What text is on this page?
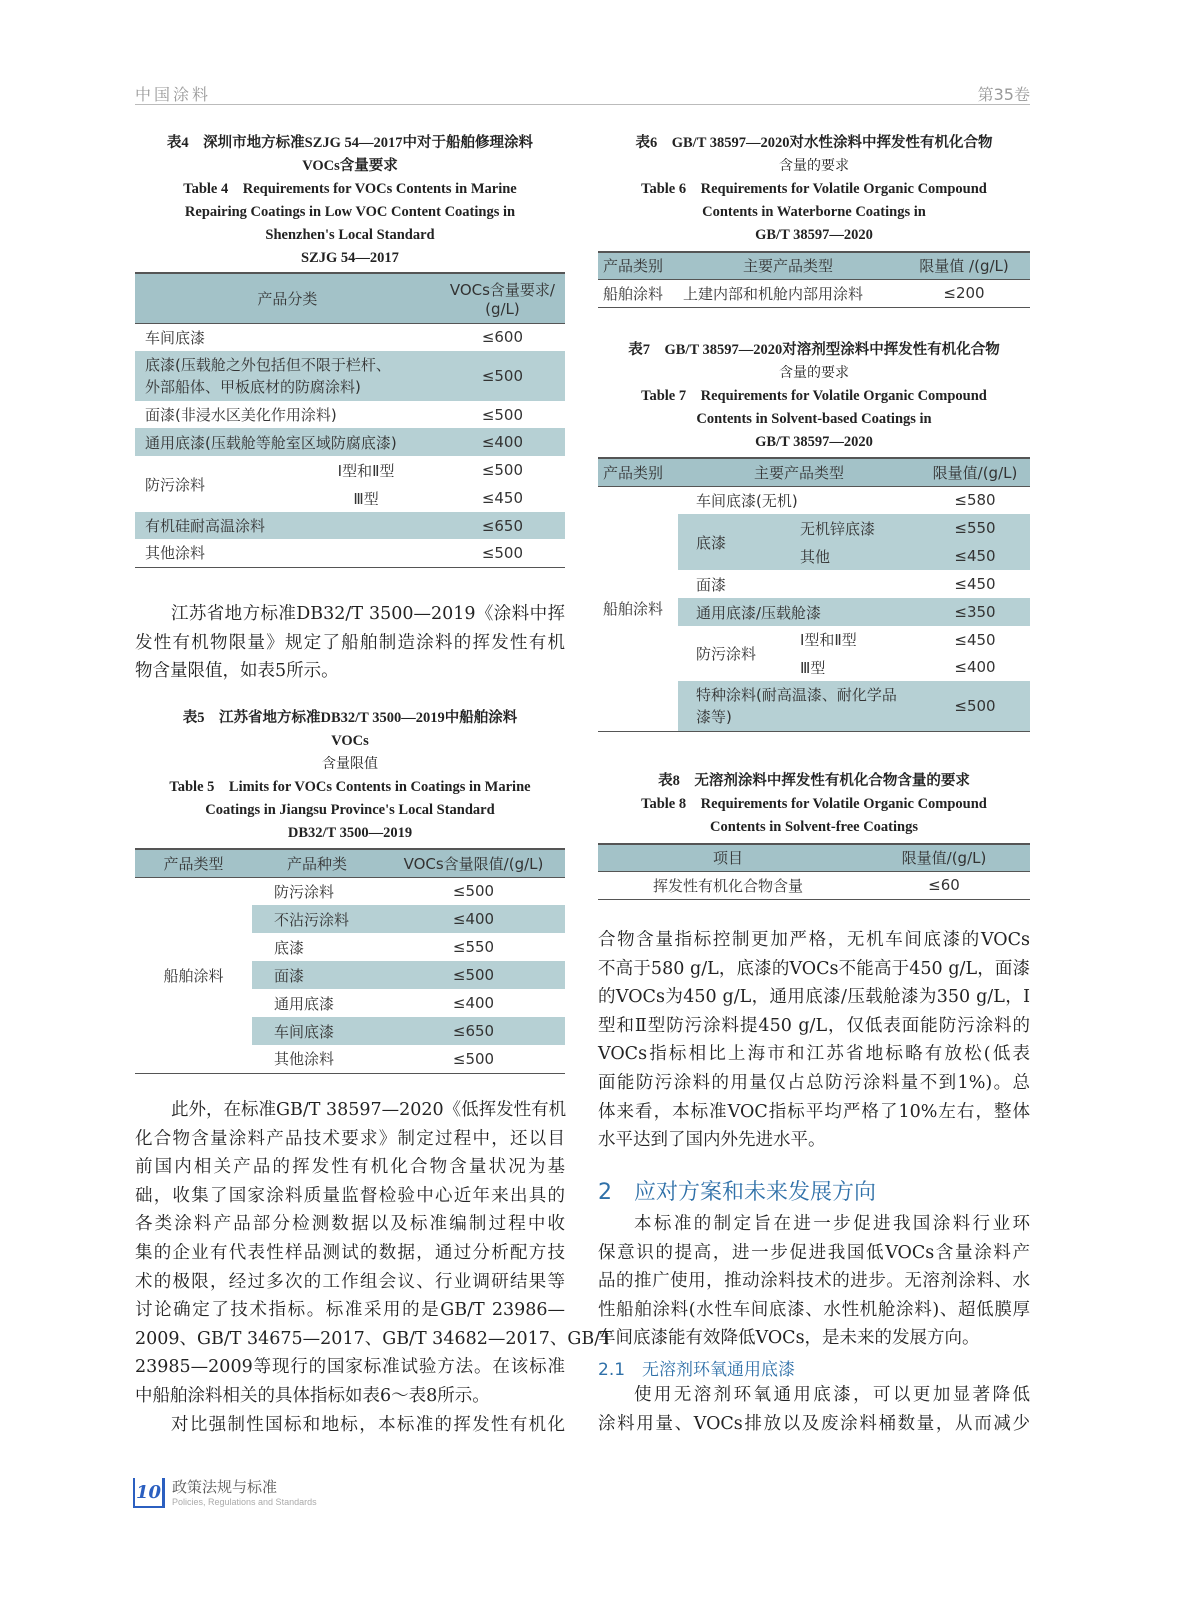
中国涂料	第35卷
表4　深圳市地方标准SZJG 54—2017中对于船舶修理涂料
VOCs含量要求
Table 4　Requirements for VOCs Contents in Marine
Repairing Coatings in Low VOC Content Coatings in
Shenzhen's Local Standard
SZJG 54—2017
产品分类		VOCs含量要求/
(g/L)

车间底漆		≤600

底漆(压载舱之外包括但不限于栏杆、
外部船体、甲板底材的防腐涂料)		≤500
面漆(非浸水区美化作用涂料)		≤500
通用底漆(压载舱等舱室区域防腐底漆)		≤400
防污涂料	Ⅰ型和Ⅱ型	≤500
	Ⅲ型	≤450
有机硅耐高温涂料		≤650
其他涂料		≤500
江苏省地方标准DB32/T 3500—2019《涂料中挥
发性有机物限量》规定了船舶制造涂料的挥发性有机
物含量限值，如表5所示。
表5　江苏省地方标准DB32/T 3500—2019中船舶涂料
VOCs
含量限值
Table 5　Limits for VOCs Contents in Coatings in Marine
Coatings in Jiangsu Province's Local Standard
DB32/T 3500—2019
产品类型	产品种类	VOCs含量限值/(g/L)
船舶涂料	防污涂料	≤500
	不沾污涂料	≤400
	底漆	≤550
	面漆	≤500
	通用底漆	≤400
	车间底漆	≤650
	其他涂料	≤500
此外，在标准GB/T 38597—2020《低挥发性有机
化合物含量涂料产品技术要求》制定过程中，还以目
前国内相关产品的挥发性有机化合物含量状况为基
础，收集了国家涂料质量监督检验中心近年来出具的
各类涂料产品部分检测数据以及标准编制过程中收
集的企业有代表性样品测试的数据，通过分析配方技
术的极限，经过多次的工作组会议、行业调研结果等
讨论确定了技术指标。标准采用的是GB/T 23986—
2009、GB/T 34675—2017、GB/T 34682—2017、GB/T
23985—2009等现行的国家标准试验方法。在该标准
中船舶涂料相关的具体指标如表6～表8所示。
对比强制性国标和地标，本标准的挥发性有机化
表6　GB/T 38597—2020对水性涂料中挥发性有机化合物
含量的要求
Table 6　Requirements for Volatile Organic Compound
Contents in Waterborne Coatings in
GB/T 38597—2020
产品类别	主要产品类型	限量值 /(g/L)
船舶涂料	上建内部和机舱内部用涂料	≤200
表7　GB/T 38597—2020对溶剂型涂料中挥发性有机化合物
含量的要求
Table 7　Requirements for Volatile Organic Compound
Contents in Solvent-based Coatings in
GB/T 38597—2020
产品类别	主要产品类型		限量值/(g/L)
船舶涂料	车间底漆(无机)		≤580
	底漆	无机锌底漆	≤550
		其他	≤450
	面漆		≤450
	通用底漆/压载舱漆		≤350
	防污涂料	Ⅰ型和Ⅱ型	≤450
		Ⅲ型	≤400

	特种涂料(耐高温漆、耐化学品
漆等)		≤500
表8　无溶剂涂料中挥发性有机化合物含量的要求
Table 8　Requirements for Volatile Organic Compound
Contents in Solvent-free Coatings
项目	限量值/(g/L)
挥发性有机化合物含量	≤60
合物含量指标控制更加严格，无机车间底漆的VOCs
不高于580 g/L，底漆的VOCs不能高于450 g/L，面漆
的VOCs为450 g/L，通用底漆/压载舱漆为350 g/L，Ⅰ
型和Ⅱ型防污涂料提450 g/L，仅低表面能防污涂料的
VOCs指标相比上海市和江苏省地标略有放松(低表
面能防污涂料的用量仅占总防污涂料量不到1%)。总
体来看，本标准VOC指标平均严格了10%左右，整体
水平达到了国内外先进水平。
2　应对方案和未来发展方向
本标准的制定旨在进一步促进我国涂料行业环
保意识的提高，进一步促进我国低VOCs含量涂料产
品的推广使用，推动涂料技术的进步。无溶剂涂料、水
性船舶涂料(水性车间底漆、水性机舱涂料)、超低膜厚
车间底漆能有效降低VOCs，是未来的发展方向。
2.1　无溶剂环氧通用底漆
使用无溶剂环氧通用底漆，可以更加显著降低
涂料用量、VOCs排放以及废涂料桶数量，从而减少
10 政策法规与标准
Policies, Regulations and Standards
